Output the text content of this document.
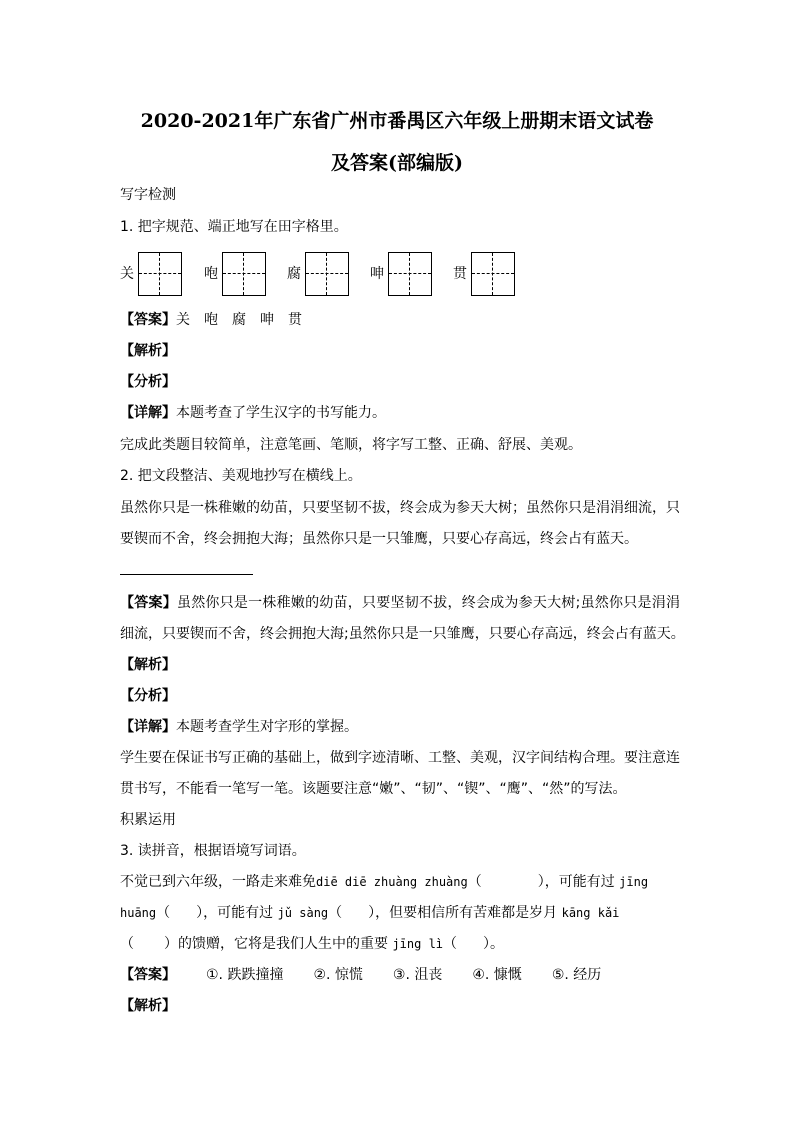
2020-2021年广东省广州市番禺区六年级上册期末语文试卷
及答案(部编版)
写字检测
1. 把字规范、端正地写在田字格里。
关	咆	腐	呻	贯
【答案】关 咆 腐 呻 贯
【解析】
【分析】
【详解】本题考查了学生汉字的书写能力。
完成此类题目较简单，注意笔画、笔顺，将字写工整、正确、舒展、美观。
2. 把文段整洁、美观地抄写在横线上。
虽然你只是一株稚嫩的幼苗，只要坚韧不拔，终会成为参天大树；虽然你只是涓涓细流，只
要锲而不舍，终会拥抱大海；虽然你只是一只雏鹰，只要心存高远，终会占有蓝天。
【答案】虽然你只是一株稚嫩的幼苗，只要坚韧不拔，终会成为参天大树;虽然你只是涓涓
细流，只要锲而不舍，终会拥抱大海;虽然你只是一只雏鹰，只要心存高远，终会占有蓝天。
【解析】
【分析】
【详解】本题考查学生对字形的掌握。
学生要在保证书写正确的基础上，做到字迹清晰、工整、美观，汉字间结构合理。要注意连
贯书写，不能看一笔写一笔。该题要注意“嫩”、“韧”、“锲”、“鹰”、“然”的写法。
积累运用
3. 读拼音，根据语境写词语。
不觉已到六年级，一路走来难免diē diē zhuàng zhuàng（	），可能有过 jīng
huāng（ ），可能有过 jǔ sàng（ ），但要相信所有苦难都是岁月 kāng kǎi
（ ）的馈赠，它将是我们人生中的重要 jīng lì（ ）。
【答案】 ①. 跌跌撞撞 ②. 惊慌 ③. 沮丧 ④. 慷慨 ⑤. 经历
【解析】
